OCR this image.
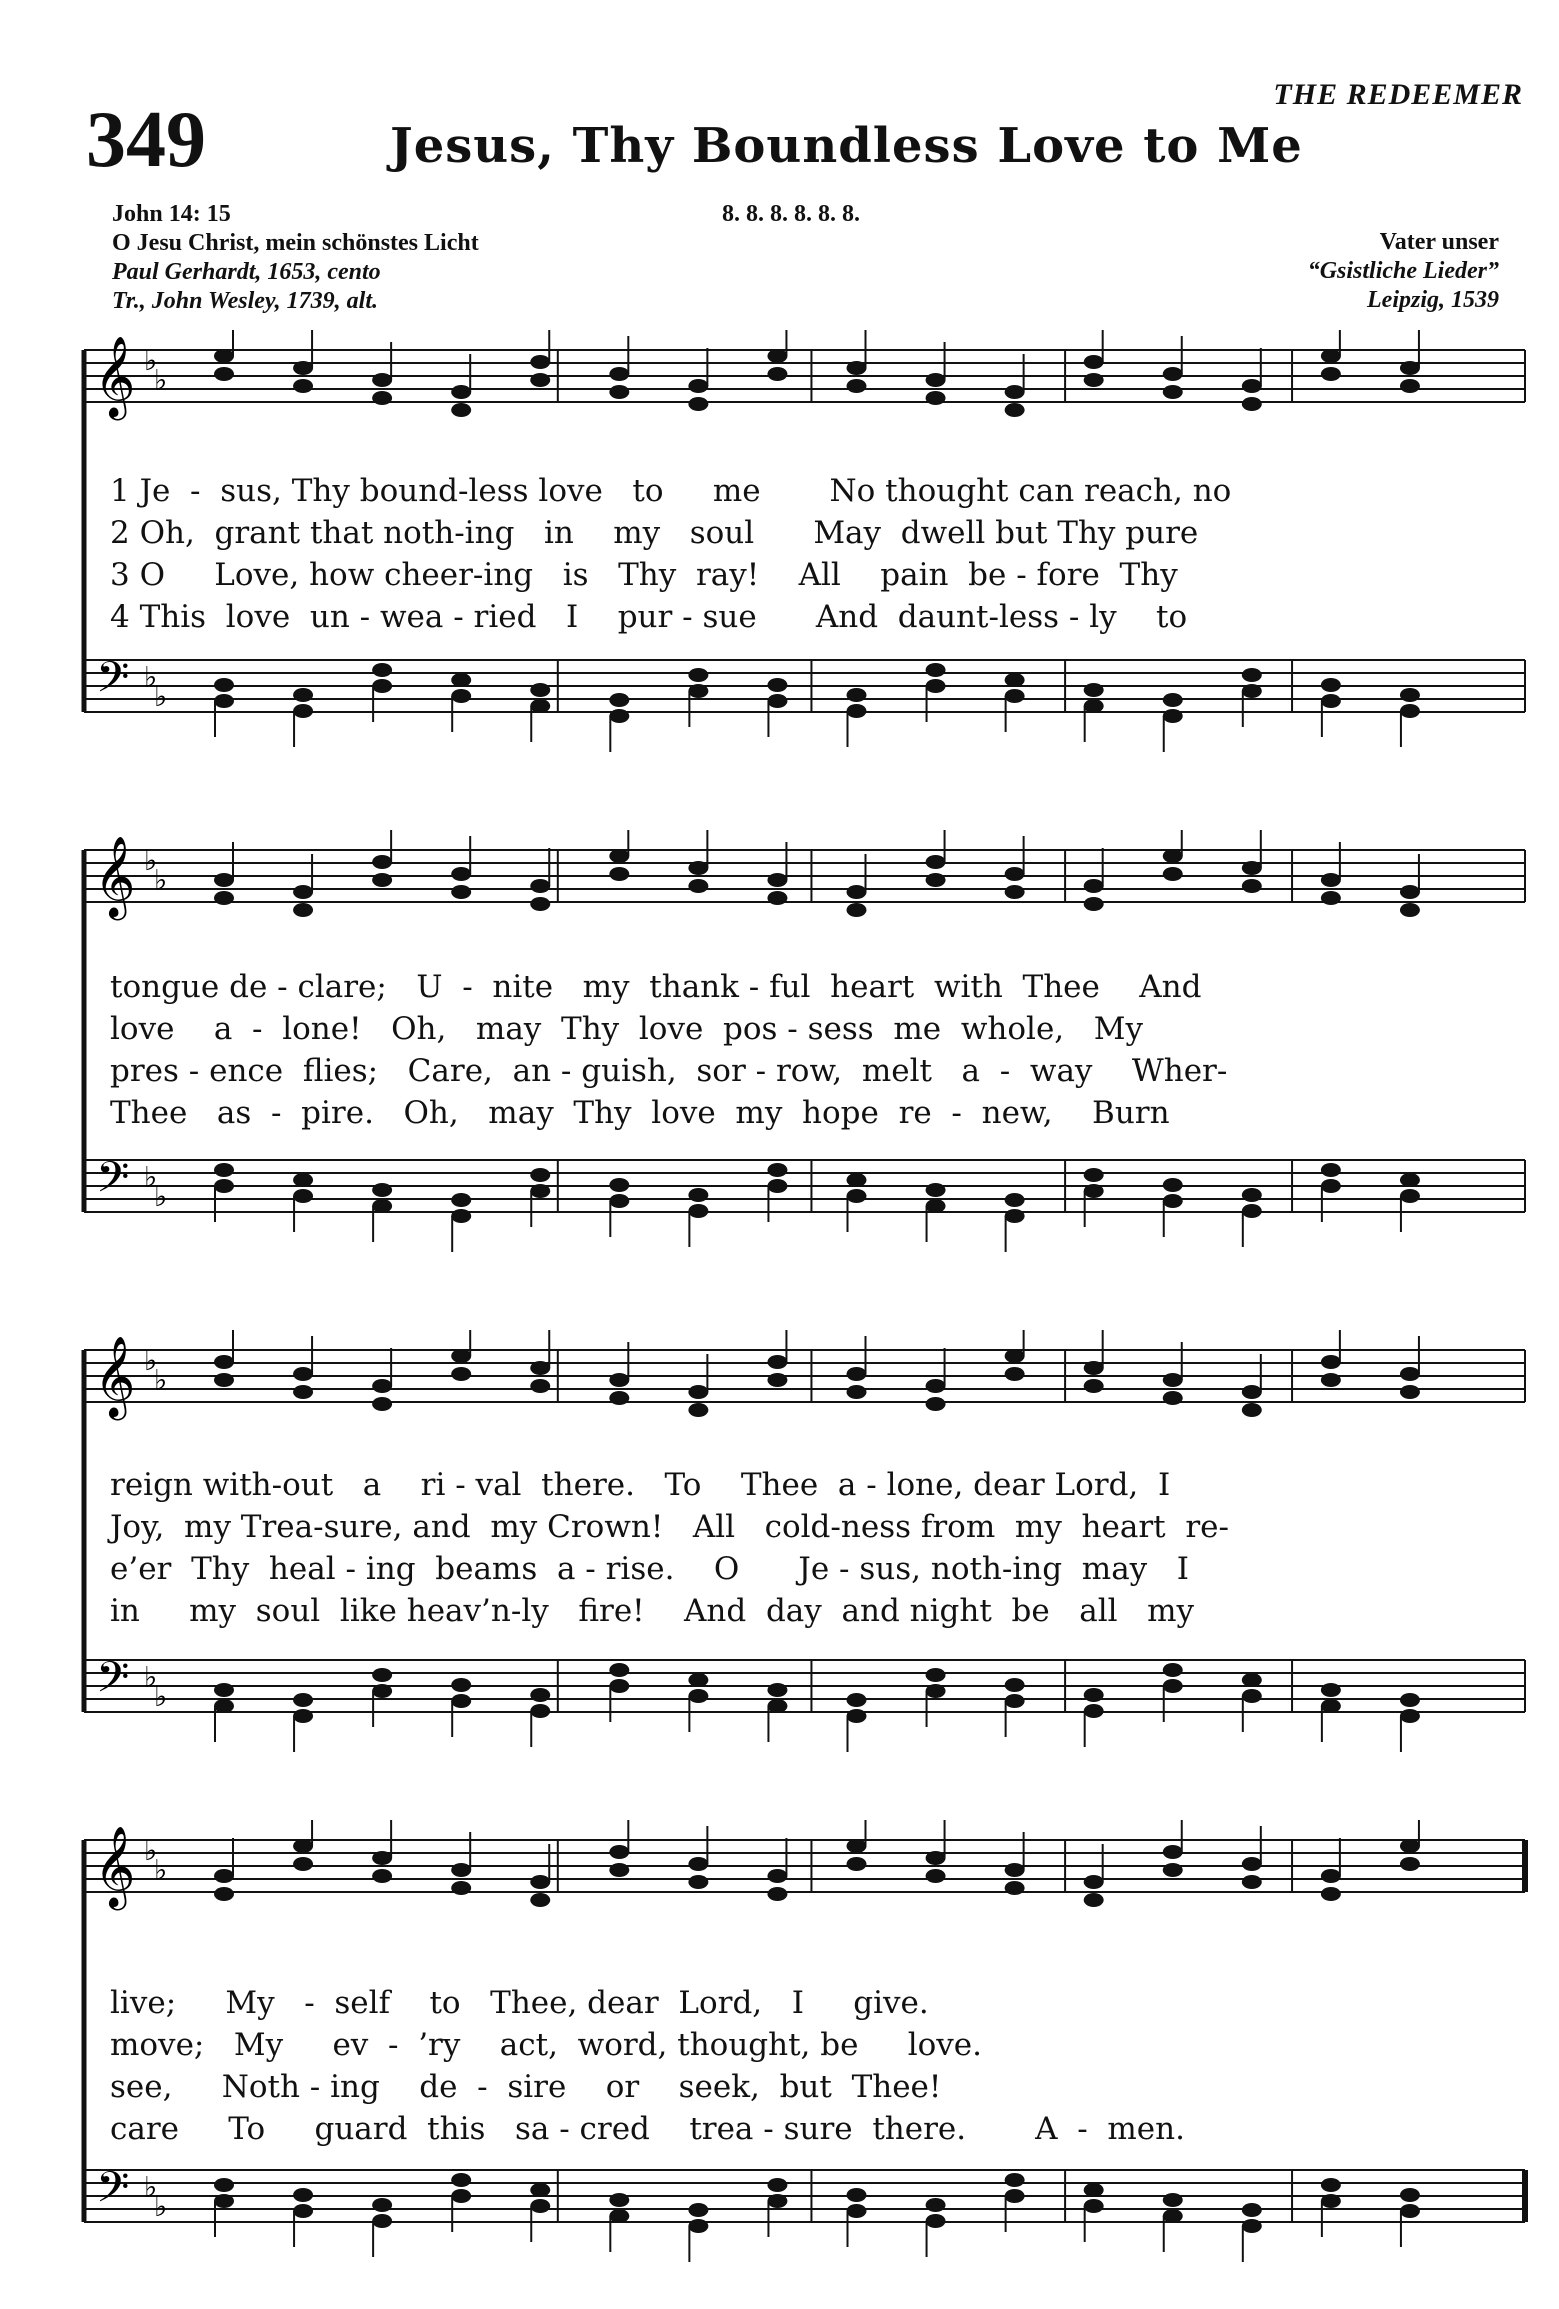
THE REDEEMER
349	Jesus, Thy Boundless Love to Me
John 14: 15
O Jesu Christ, mein schönstes Licht
Paul Gerhardt, 1653, cento
Tr., John Wesley, 1739, alt.
8. 8. 8. 8. 8. 8.
Vater unser
“Gsistliche Lieder”
Leipzig, 1539
𝄞
𝄢
♭
♭
♭
♭
1 Je  -  sus, Thy bound-less love   to     me       No thought can reach, no
2 Oh,  grant that noth-ing   in    my   soul      May  dwell but Thy pure
3 O     Love, how cheer-ing   is   Thy  ray!    All    pain  be - fore  Thy
4 This  love  un - wea - ried   I    pur - sue      And  daunt-less - ly    to
𝄞
𝄢
♭
♭
♭
♭
tongue de - clare;   U  -  nite   my  thank - ful  heart  with  Thee    And
love    a  -  lone!   Oh,   may  Thy  love  pos - sess  me  whole,   My
pres - ence  flies;   Care,  an - guish,  sor - row,  melt   a  -  way    Wher-
Thee   as  -  pire.   Oh,   may  Thy  love  my  hope  re  -  new,    Burn
𝄞
𝄢
♭
♭
♭
♭
reign with-out   a    ri - val  there.   To    Thee  a - lone, dear Lord,  I
Joy,  my Trea-sure, and  my Crown!   All   cold-ness from  my  heart  re-
e’er  Thy  heal - ing  beams  a - rise.    O      Je - sus, noth-ing  may   I
in     my  soul  like heav’n-ly   fire!    And  day  and night  be   all   my
𝄞
𝄢
♭
♭
♭
♭
live;     My   -  self    to   Thee, dear  Lord,   I     give.
move;   My     ev  -  ’ry    act,  word, thought, be     love.
see,     Noth - ing    de  -  sire    or    seek,  but  Thee!
care     To     guard  this   sa - cred    trea - sure  there.       A  -  men.
